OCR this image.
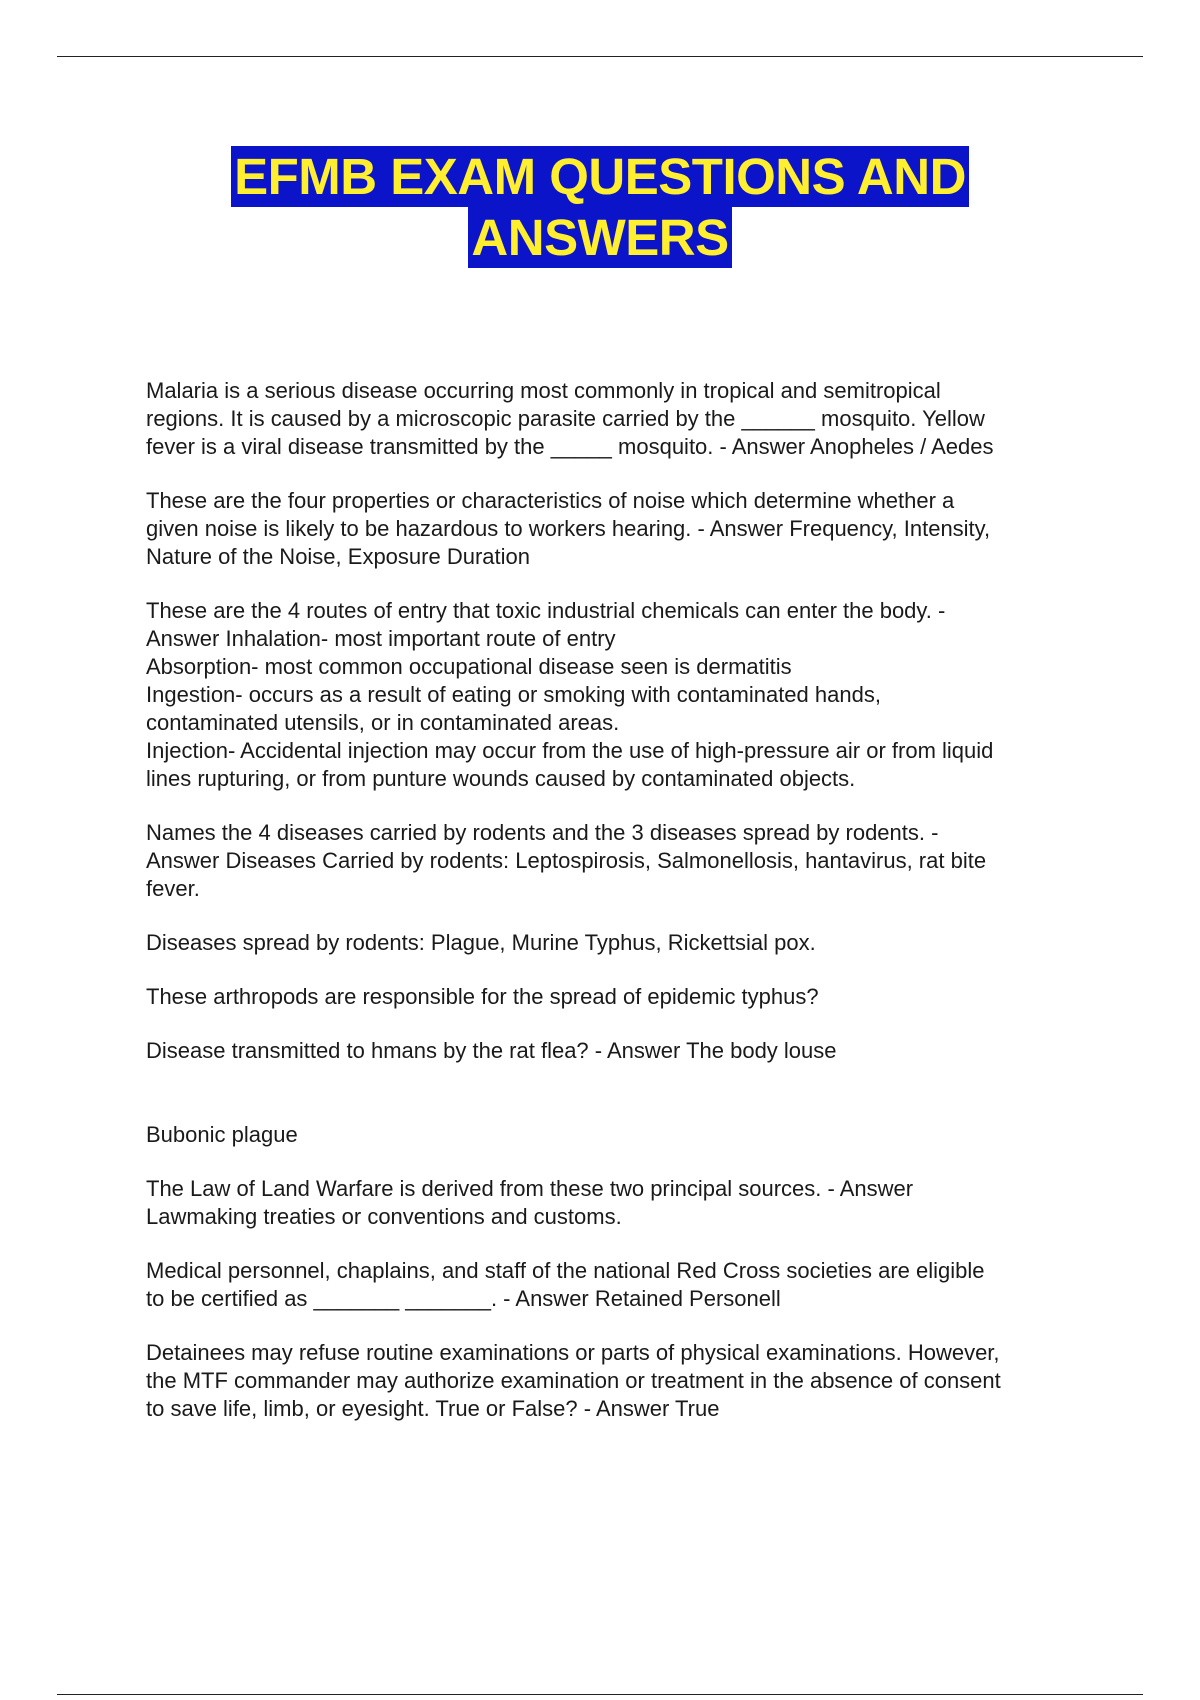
EFMB EXAM QUESTIONS AND
ANSWERS

Malaria is a serious disease occurring most commonly in tropical and semitropical
regions. It is caused by a microscopic parasite carried by the ______ mosquito. Yellow
fever is a viral disease transmitted by the _____ mosquito. - Answer Anopheles / Aedes

These are the four properties or characteristics of noise which determine whether a
given noise is likely to be hazardous to workers hearing. - Answer Frequency, Intensity,
Nature of the Noise, Exposure Duration

These are the 4 routes of entry that toxic industrial chemicals can enter the body. -
Answer Inhalation- most important route of entry
Absorption- most common occupational disease seen is dermatitis
Ingestion- occurs as a result of eating or smoking with contaminated hands,
contaminated utensils, or in contaminated areas.
Injection- Accidental injection may occur from the use of high-pressure air or from liquid
lines rupturing, or from punture wounds caused by contaminated objects.

Names the 4 diseases carried by rodents and the 3 diseases spread by rodents. -
Answer Diseases Carried by rodents: Leptospirosis, Salmonellosis, hantavirus, rat bite
fever.

Diseases spread by rodents: Plague, Murine Typhus, Rickettsial pox.

These arthropods are responsible for the spread of epidemic typhus?

Disease transmitted to hmans by the rat flea? - Answer The body louse

Bubonic plague

The Law of Land Warfare is derived from these two principal sources. - Answer
Lawmaking treaties or conventions and customs.

Medical personnel, chaplains, and staff of the national Red Cross societies are eligible
to be certified as _______ _______. - Answer Retained Personell

Detainees may refuse routine examinations or parts of physical examinations. However,
the MTF commander may authorize examination or treatment in the absence of consent
to save life, limb, or eyesight. True or False? - Answer True
